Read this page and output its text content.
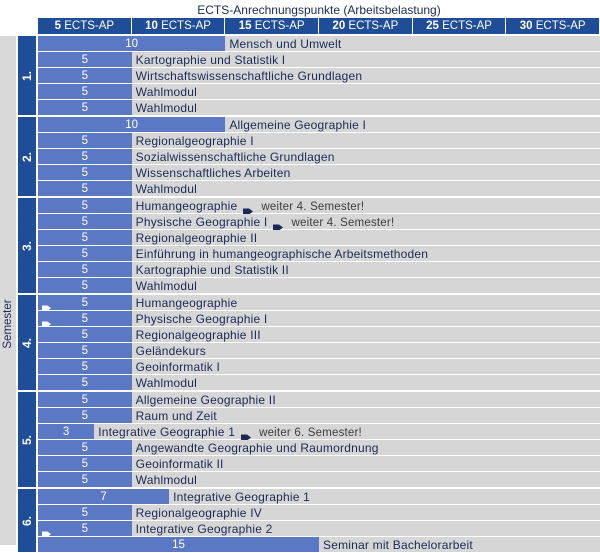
ECTS-Anrechnungspunkte (Arbeitsbelastung)
5 ECTS-AP	10 ECTS-AP	15 ECTS-AP	20 ECTS-AP	25 ECTS-AP	30 ECTS-AP
Semester
10	Mensch und Umwelt
5	Kartographie und Statistik I
5	Wirtschaftswissenschaftliche Grundlagen
5	Wahlmodul
5	Wahlmodul
1.
10	Allgemeine Geographie I
5	Regionalgeographie I
5	Sozialwissenschaftliche Grundlagen
5	Wissenschaftliches Arbeiten
5	Wahlmodul
2.
5	Humangeographie weiter 4. Semester!
5	Physische Geographie I weiter 4. Semester!
5	Regionalgeographie II
5	Einführung in humangeographische Arbeitsmethoden
5	Kartographie und Statistik II
5	Wahlmodul
3.
5	Humangeographie
5	Physische Geographie I
5	Regionalgeographie III
5	Geländekurs
5	Geoinformatik I
5	Wahlmodul
4.
5	Allgemeine Geographie II
5	Raum und Zeit
3	Integrative Geographie 1 weiter 6. Semester!
5	Angewandte Geographie und Raumordnung
5	Geoinformatik II
5	Wahlmodul
5.
7	Integrative Geographie 1
5	Regionalgeographie IV
5	Integrative Geographie 2
15	Seminar mit Bachelorarbeit
6.
